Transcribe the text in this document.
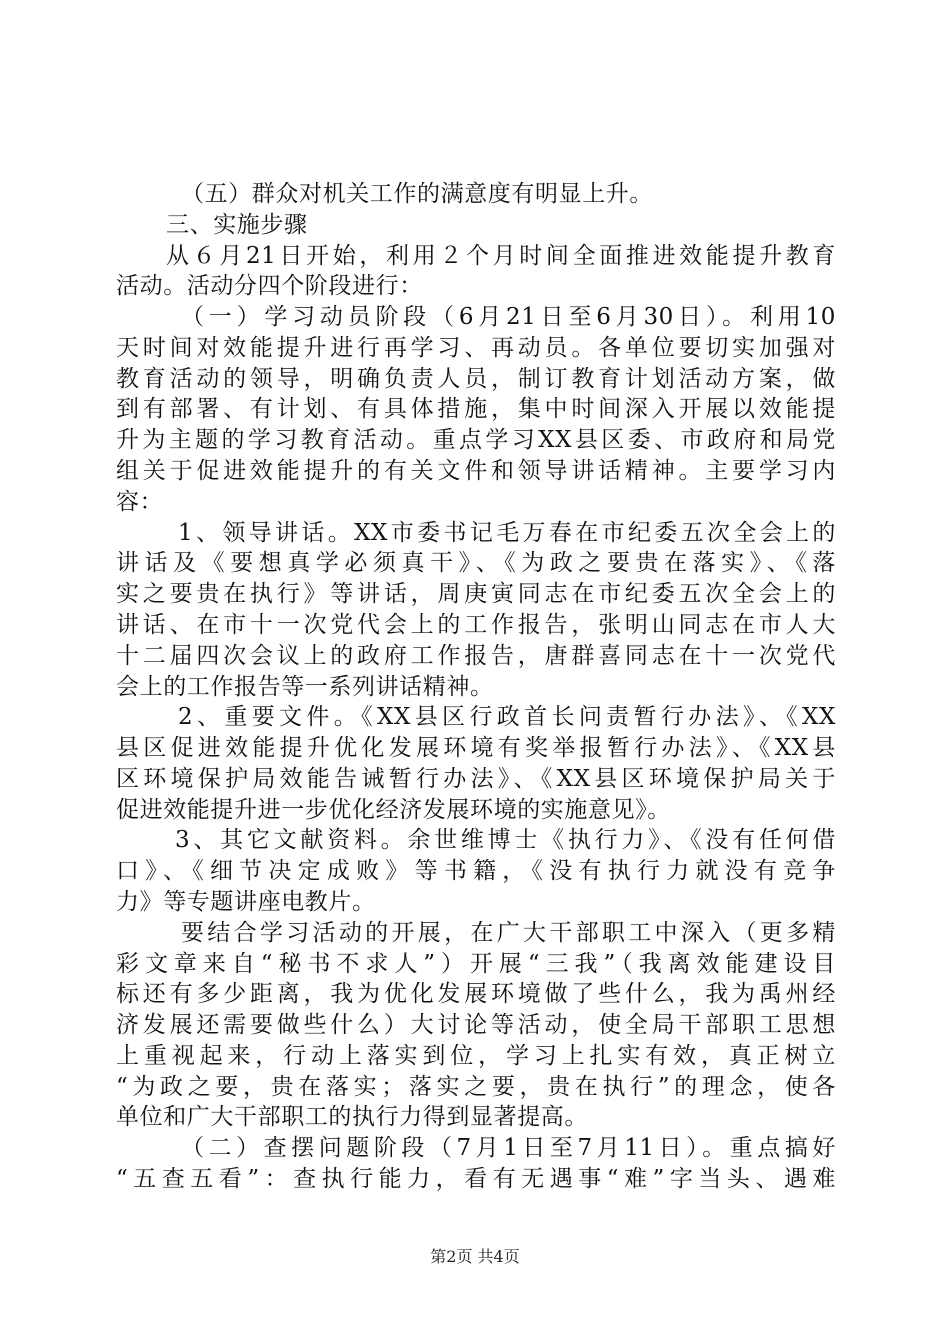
（五）群众对机关工作的满意度有明显上升。
三、实施步骤
从６月21日开始，利用２个月时间全面推进效能提升教育
活动。活动分四个阶段进行：
（一）学习动员阶段（6月21日至6月30日）。利用10
天时间对效能提升进行再学习、再动员。各单位要切实加强对
教育活动的领导，明确负责人员，制订教育计划活动方案，做
到有部署、有计划、有具体措施，集中时间深入开展以效能提
升为主题的学习教育活动。重点学习XX县区委、市政府和局党
组关于促进效能提升的有关文件和领导讲话精神。主要学习内
容：
1、领导讲话。XX市委书记毛万春在市纪委五次全会上的
讲话及《要想真学必须真干》、《为政之要贵在落实》、《落
实之要贵在执行》等讲话，周庚寅同志在市纪委五次全会上的
讲话、在市十一次党代会上的工作报告，张明山同志在市人大
十二届四次会议上的政府工作报告，唐群喜同志在十一次党代
会上的工作报告等一系列讲话精神。
2、重要文件。《XX县区行政首长问责暂行办法》、《XX
县区促进效能提升优化发展环境有奖举报暂行办法》、《XX县
区环境保护局效能告诫暂行办法》、《XX县区环境保护局关于
促进效能提升进一步优化经济发展环境的实施意见》。
3、其它文献资料。余世维博士《执行力》、《没有任何借
口》、《细节决定成败》等书籍，《没有执行力就没有竞争
力》等专题讲座电教片。
要结合学习活动的开展，在广大干部职工中深入（更多精
彩文章来自“秘书不求人”）开展“三我”（我离效能建设目
标还有多少距离，我为优化发展环境做了些什么，我为禹州经
济发展还需要做些什么）大讨论等活动，使全局干部职工思想
上重视起来，行动上落实到位，学习上扎实有效，真正树立
“为政之要，贵在落实；落实之要，贵在执行”的理念，使各
单位和广大干部职工的执行力得到显著提高。
（二）查摆问题阶段（7月1日至7月11日）。重点搞好
“五查五看”：查执行能力，看有无遇事“难”字当头、遇难
第2页 共4页
